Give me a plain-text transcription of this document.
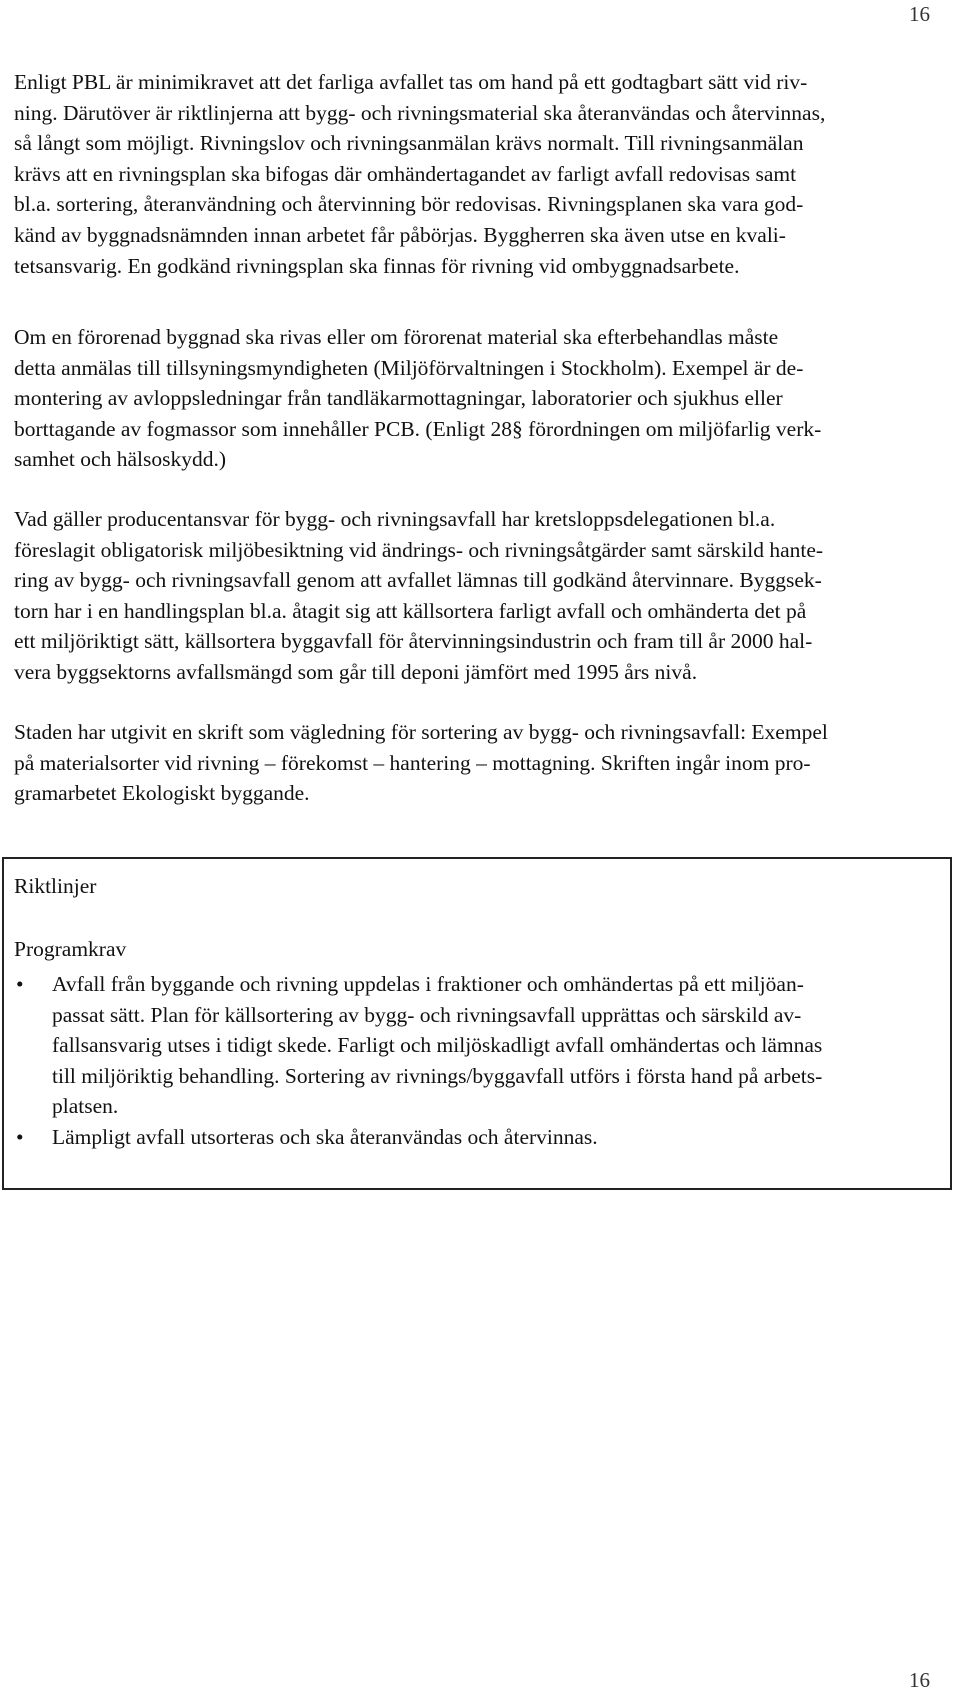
16

Enligt PBL är minimikravet att det farliga avfallet tas om hand på ett godtagbart sätt vid riv-
ning. Därutöver är riktlinjerna att bygg- och rivningsmaterial ska återanvändas och återvinnas,
så långt som möjligt. Rivningslov och rivningsanmälan krävs normalt. Till rivningsanmälan
krävs att en rivningsplan ska bifogas där omhändertagandet av farligt avfall redovisas samt
bl.a. sortering, återanvändning och återvinning bör redovisas. Rivningsplanen ska vara god-
känd av byggnadsnämnden innan arbetet får påbörjas. Byggherren ska även utse en kvali-
tetsansvarig. En godkänd rivningsplan ska finnas för rivning vid ombyggnadsarbete.

Om en förorenad byggnad ska rivas eller om förorenat material ska efterbehandlas måste
detta anmälas till tillsyningsmyndigheten (Miljöförvaltningen i Stockholm). Exempel är de-
montering av avloppsledningar från tandläkarmottagningar, laboratorier och sjukhus eller
borttagande av fogmassor som innehåller PCB. (Enligt 28§ förordningen om miljöfarlig verk-
samhet och hälsoskydd.)

Vad gäller producentansvar för bygg- och rivningsavfall har kretsloppsdelegationen bl.a.
föreslagit obligatorisk miljöbesiktning vid ändrings- och rivningsåtgärder samt särskild hante-
ring av bygg- och rivningsavfall genom att avfallet lämnas till godkänd återvinnare. Byggsek-
torn har i en handlingsplan bl.a. åtagit sig att källsortera farligt avfall och omhänderta det på
ett miljöriktigt sätt, källsortera byggavfall för återvinningsindustrin och fram till år 2000 hal-
vera byggsektorns avfallsmängd som går till deponi jämfört med 1995 års nivå.

Staden har utgivit en skrift som vägledning för sortering av bygg- och rivningsavfall: Exempel
på materialsorter vid rivning – förekomst – hantering – mottagning. Skriften ingår inom pro-
gramarbetet Ekologiskt byggande.

Riktlinjer
Programkrav
• Avfall från byggande och rivning uppdelas i fraktioner och omhändertas på ett miljöan-
passat sätt. Plan för källsortering av bygg- och rivningsavfall upprättas och särskild av-
fallsansvarig utses i tidigt skede. Farligt och miljöskadligt avfall omhändertas och lämnas
till miljöriktig behandling. Sortering av rivnings/byggavfall utförs i första hand på arbets-
platsen.
• Lämpligt avfall utsorteras och ska återanvändas och återvinnas.
16
